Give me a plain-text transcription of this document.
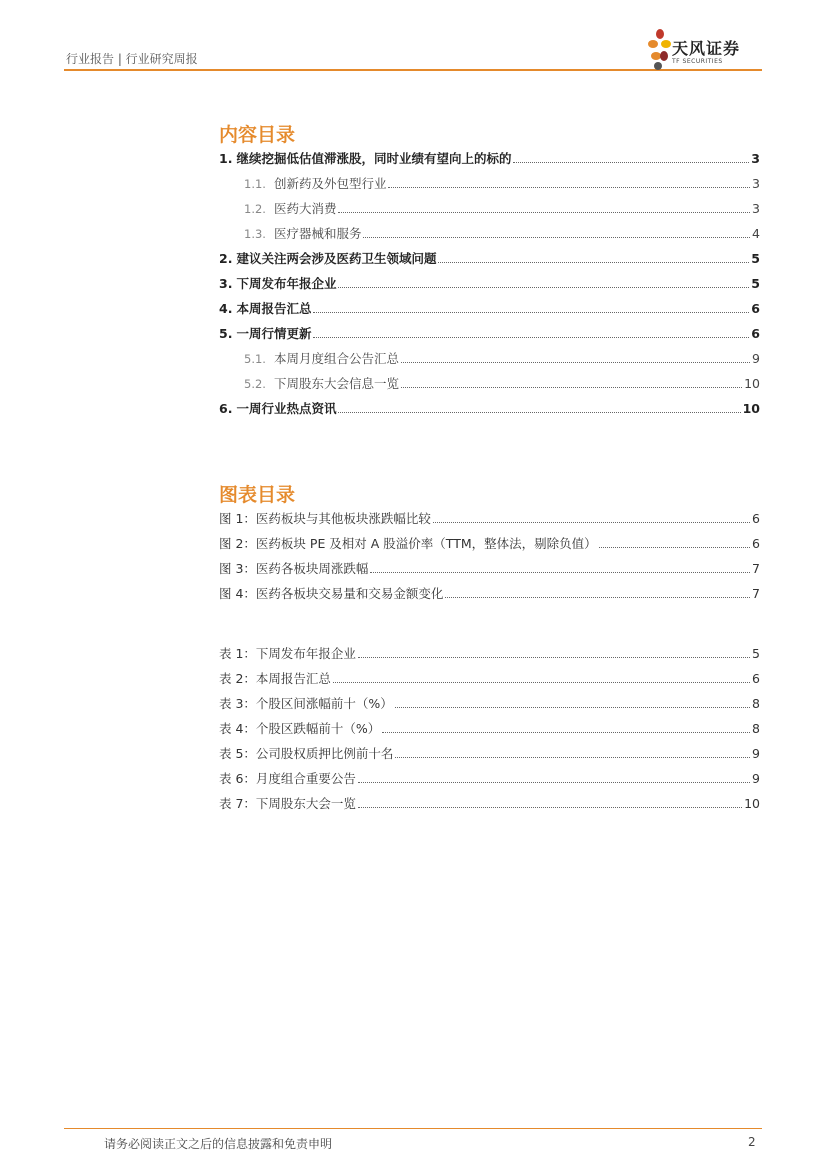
行业报告 | 行业研究周报
天风证券
TF SECURITIES
内容目录
1. 继续挖掘低估值滞涨股，同时业绩有望向上的标的	3
1.1. 创新药及外包型行业	3
1.2. 医药大消费	3
1.3. 医疗器械和服务	4
2. 建议关注两会涉及医药卫生领域问题	5
3. 下周发布年报企业	5
4. 本周报告汇总	6
5. 一周行情更新	6
5.1. 本周月度组合公告汇总	9
5.2. 下周股东大会信息一览	10
6. 一周行业热点资讯	10
图表目录
图 1：医药板块与其他板块涨跌幅比较	6
图 2：医药板块 PE 及相对 A 股溢价率（TTM，整体法，剔除负值）	6
图 3：医药各板块周涨跌幅	7
图 4：医药各板块交易量和交易金额变化	7
表 1：下周发布年报企业	5
表 2：本周报告汇总	6
表 3：个股区间涨幅前十（%）	8
表 4：个股区跌幅前十（%）	8
表 5：公司股权质押比例前十名	9
表 6：月度组合重要公告	9
表 7：下周股东大会一览	10
请务必阅读正文之后的信息披露和免责申明	2
